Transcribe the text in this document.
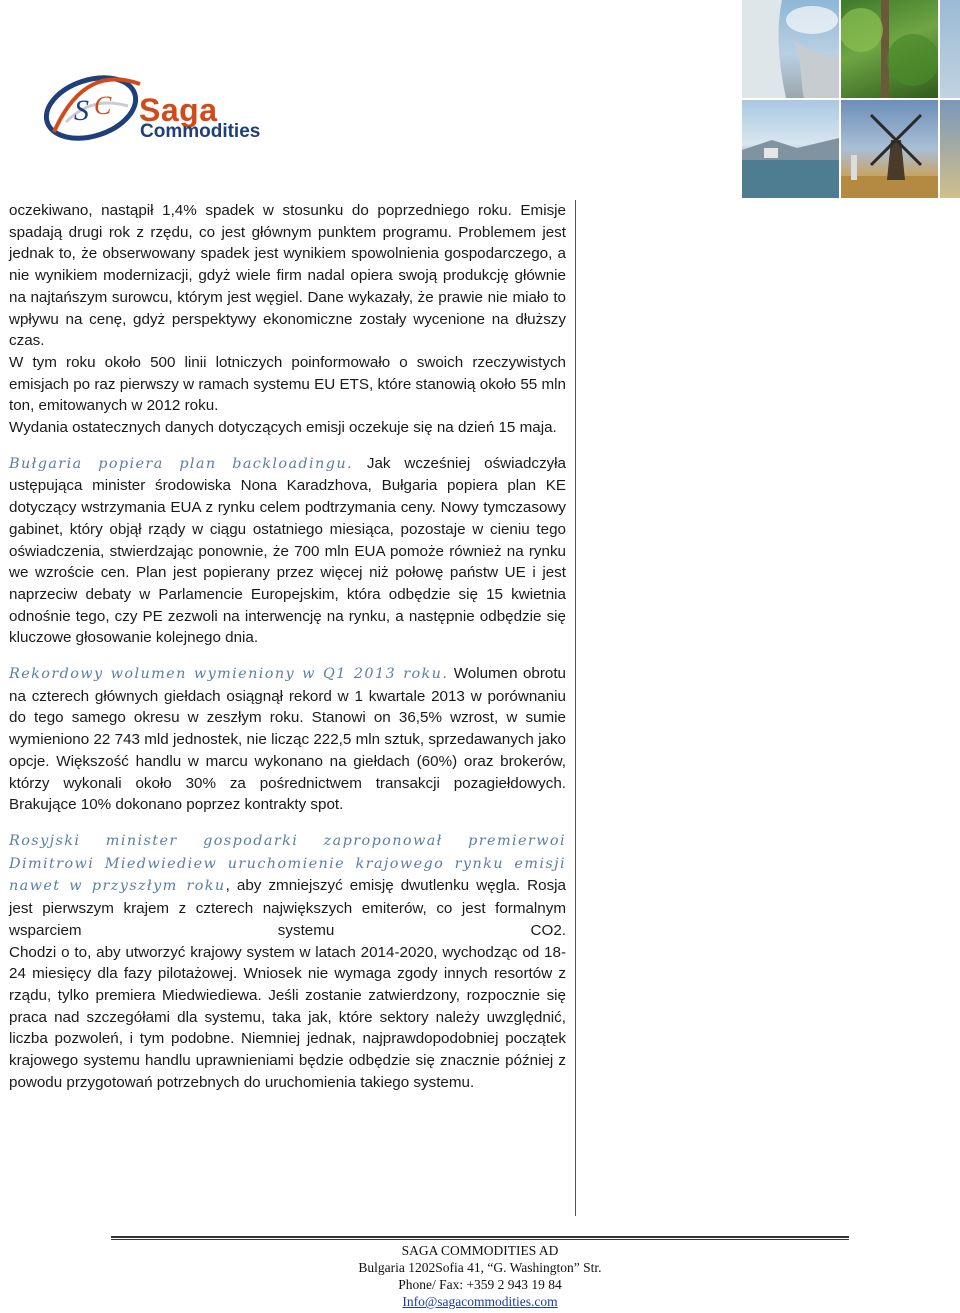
S C Saga
Commodities

oczekiwano, nastąpił 1,4% spadek w stosunku do poprzedniego roku. Emisje spadają drugi rok z rzędu, co jest głównym punktem programu. Problemem jest jednak to, że obserwowany spadek jest wynikiem spowolnienia gospodarczego, a nie wynikiem modernizacji, gdyż wiele firm nadal opiera swoją produkcję głównie na najtańszym surowcu, którym jest węgiel. Dane wykazały, że prawie nie miało to wpływu na cenę, gdyż perspektywy ekonomiczne zostały wycenione na dłuższy czas.

W tym roku około 500 linii lotniczych poinformowało o swoich rzeczywistych emisjach po raz pierwszy w ramach systemu EU ETS, które stanowią około 55 mln ton, emitowanych w 2012 roku.

Wydania ostatecznych danych dotyczących emisji oczekuje się na dzień 15 maja.

Bułgaria popiera plan backloadingu. Jak wcześniej oświadczyła ustępująca minister środowiska Nona Karadzhova, Bułgaria popiera plan KE dotyczący wstrzymania EUA z rynku celem podtrzymania ceny. Nowy tymczasowy gabinet, który objął rządy w ciągu ostatniego miesiąca, pozostaje w cieniu tego oświadczenia, stwierdzając ponownie, że 700 mln EUA pomoże również na rynku we wzroście cen. Plan jest popierany przez więcej niż połowę państw UE i jest naprzeciw debaty w Parlamencie Europejskim, która odbędzie się 15 kwietnia odnośnie tego, czy PE zezwoli na interwencję na rynku, a następnie odbędzie się kluczowe głosowanie kolejnego dnia.

Rekordowy wolumen wymieniony w Q1 2013 roku. Wolumen obrotu na czterech głównych giełdach osiągnął rekord w 1 kwartale 2013 w porównaniu do tego samego okresu w zeszłym roku. Stanowi on 36,5% wzrost, w sumie wymieniono 22 743 mld jednostek, nie licząc 222,5 mln sztuk, sprzedawanych jako opcje. Większość handlu w marcu wykonano na giełdach (60%) oraz brokerów, którzy wykonali około 30% za pośrednictwem transakcji pozagiełdowych. Brakujące 10% dokonano poprzez kontrakty spot.

Rosyjski minister gospodarki zaproponował premierwoi Dimitrowi Miedwiediew uruchomienie krajowego rynku emisji nawet w przyszłym roku, aby zmniejszyć emisję dwutlenku węgla. Rosja jest pierwszym krajem z czterech największych emiterów, co jest formalnym wsparciem systemu CO2.

Chodzi o to, aby utworzyć krajowy system w latach 2014-2020, wychodząc od 18-24 miesięcy dla fazy pilotażowej. Wniosek nie wymaga zgody innych resortów z rządu, tylko premiera Miedwiediewa. Jeśli zostanie zatwierdzony, rozpocznie się praca nad szczegółami dla systemu, taka jak, które sektory należy uwzględnić, liczba pozwoleń, i tym podobne. Niemniej jednak, najprawdopodobniej początek krajowego systemu handlu uprawnieniami będzie odbędzie się znacznie później z powodu przygotowań potrzebnych do uruchomienia takiego systemu.

SAGA COMMODITIES AD
Bulgaria 1202Sofia 41, “G. Washington” Str.
Phone/ Fax: +359 2 943 19 84
Info@sagacommodities.com
